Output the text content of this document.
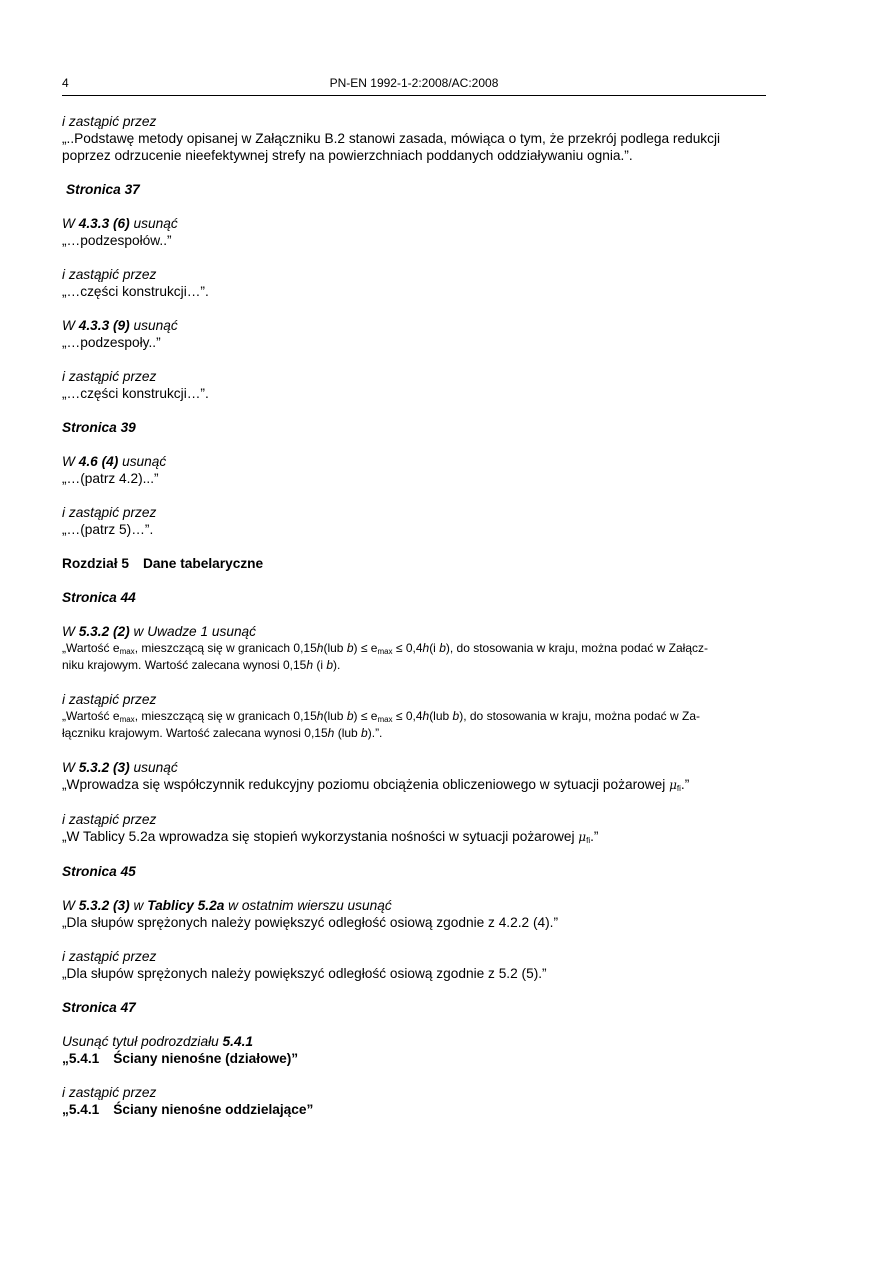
4	PN-EN 1992-1-2:2008/AC:2008
i zastąpić przez
„..Podstawę metody opisanej w Załączniku B.2 stanowi zasada, mówiąca o tym, że przekrój podlega redukcji
poprzez odrzucenie nieefektywnej strefy na powierzchniach poddanych oddziaływaniu ognia.”.
Stronica 37
W 4.3.3 (6) usunąć
„…podzespołów..”
i zastąpić przez
„…części konstrukcji…”.
W 4.3.3 (9) usunąć
„…podzespoły..”
i zastąpić przez
„…części konstrukcji…”.
Stronica 39
W 4.6 (4) usunąć
„…(patrz 4.2)...”
i zastąpić przez
„…(patrz 5)…”.
Rozdział 5 Dane tabelaryczne
Stronica 44
W 5.3.2 (2) w Uwadze 1 usunąć
„Wartość $e_{max}$, mieszczącą się w granicach 0,15h(lub $b) \le e_{max} \le 0,4h(i$ b), do stosowania w kraju, można podać w Załącz-
niku krajowym. Wartość zalecana wynosi 0,15h (i b).
i zastąpić przez
„Wartość $e_{max}$, mieszczącą się w granicach 0,15h(lub $b) \le e_{max} \le 0,4h(lub$ b), do stosowania w kraju, można podać w Za-
łączniku krajowym. Wartość zalecana wynosi 0,15h (lub b).”.
W 5.3.2 (3) usunąć
„Wprowadza się współczynnik redukcyjny poziomu obciążenia obliczeniowego w sytuacji pożarowej $\mu_{fi}$.”
i zastąpić przez
„W Tablicy 5.2a wprowadza się stopień wykorzystania nośności w sytuacji pożarowej $\mu_{fi}$.”
Stronica 45
W 5.3.2 (3) w Tablicy 5.2a w ostatnim wierszu usunąć
„Dla słupów sprężonych należy powiększyć odległość osiową zgodnie z 4.2.2 (4).”
i zastąpić przez
„Dla słupów sprężonych należy powiększyć odległość osiową zgodnie z 5.2 (5).”
Stronica 47
Usunąć tytuł podrozdziału 5.4.1
„5.4.1 Ściany nienośne (działowe)”
i zastąpić przez
„5.4.1 Ściany nienośne oddzielające”
